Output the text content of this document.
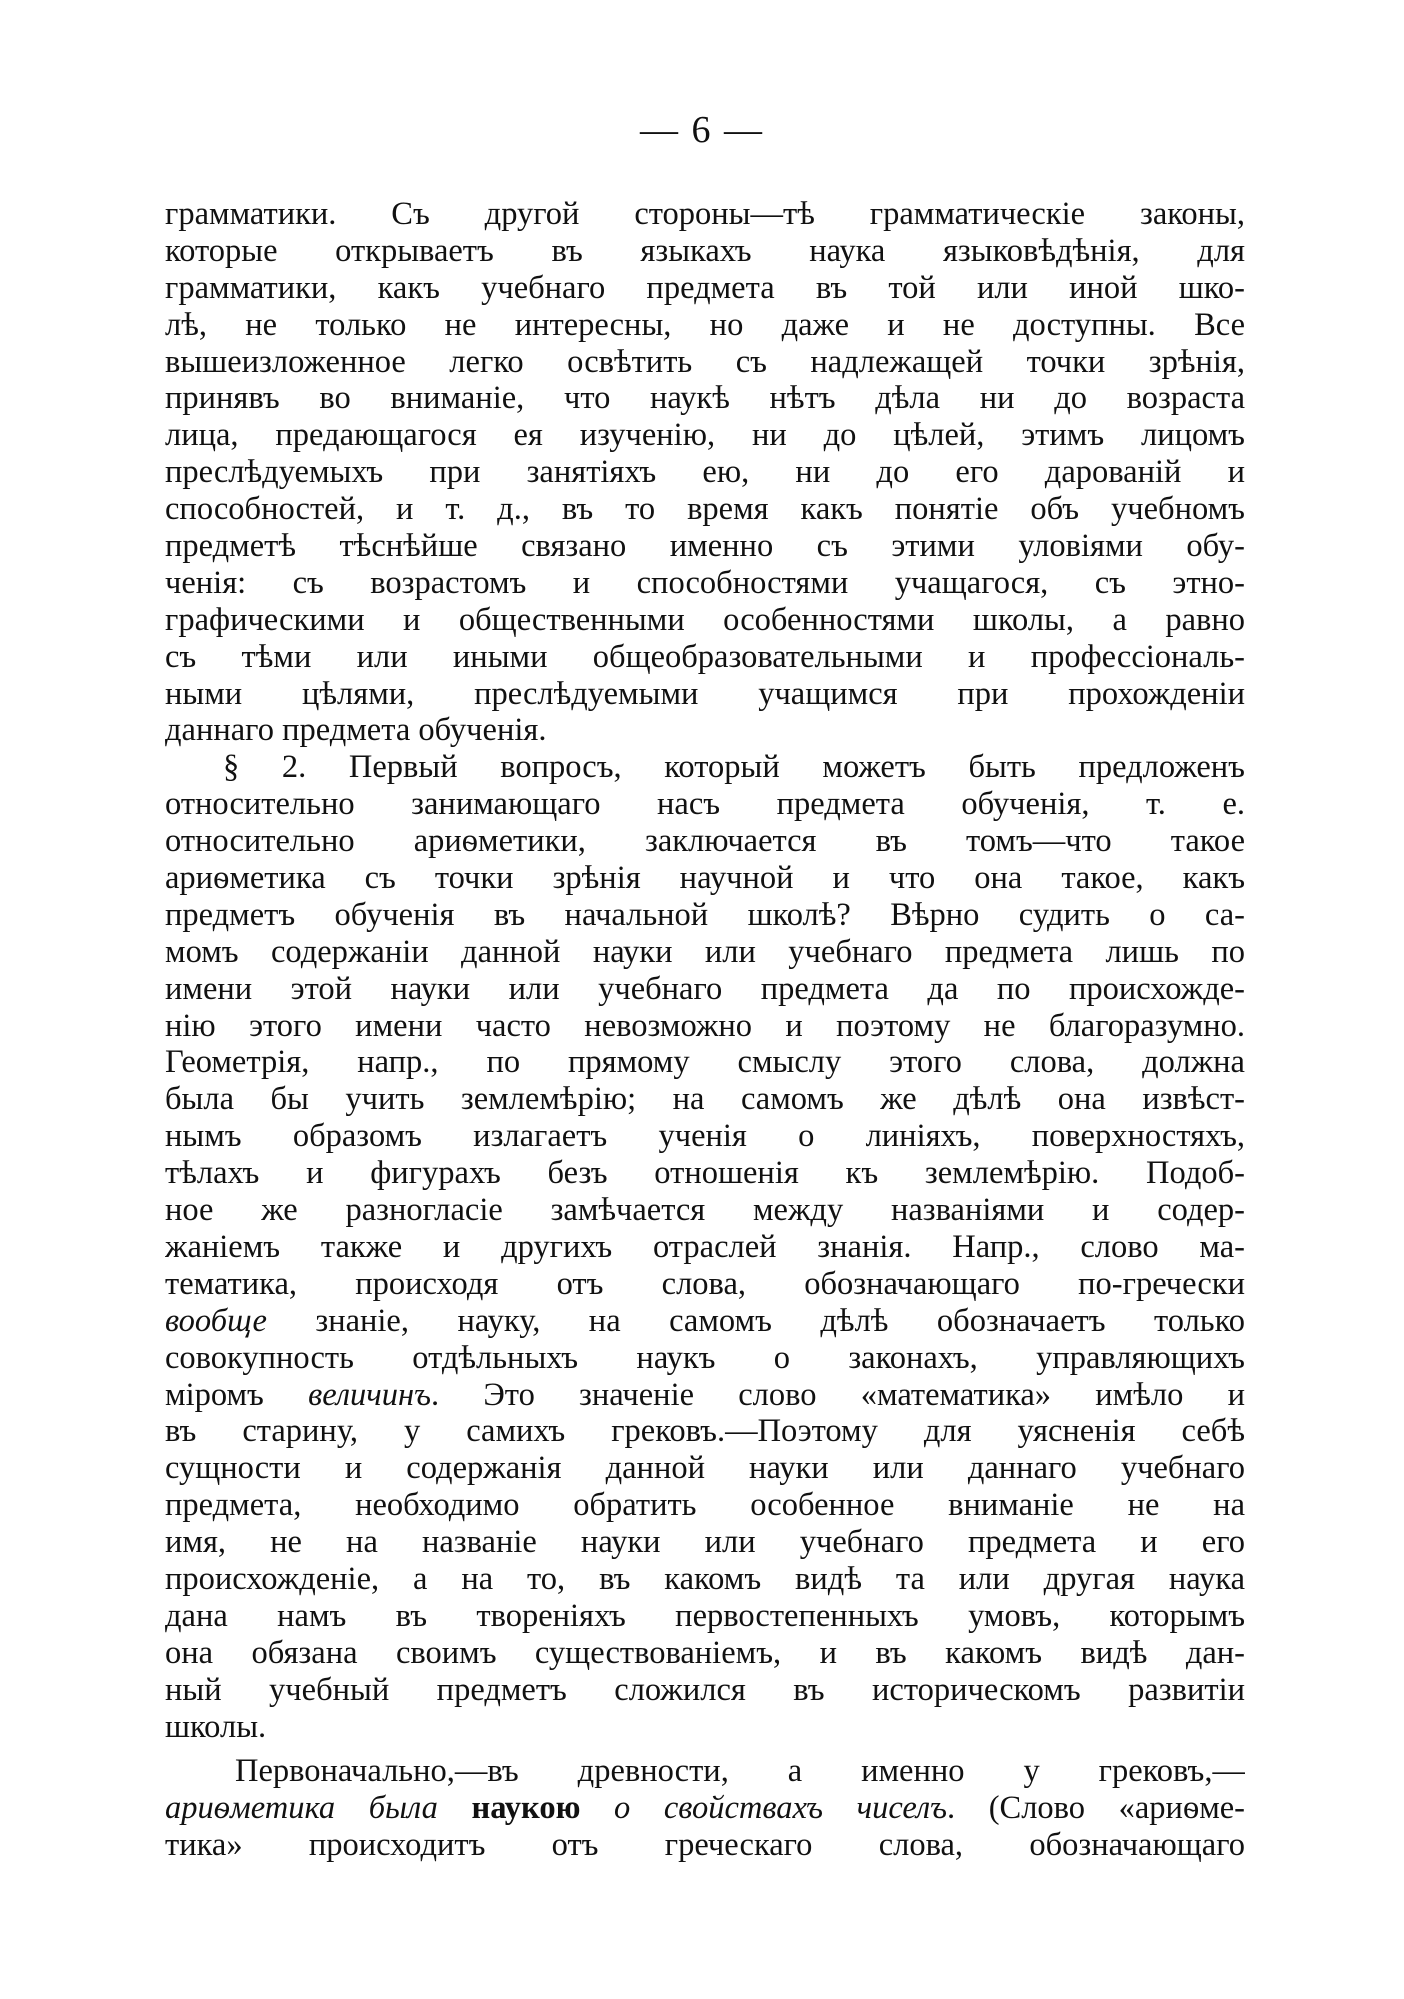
— 6 —
грамматики. Съ другой стороны—тѣ грамматическіе законы,
которые открываетъ въ языкахъ наука языковѣдѣнія, для
грамматики, какъ учебнаго предмета въ той или иной шко-
лѣ, не только не интересны, но даже и не доступны. Все
вышеизложенное легко освѣтить съ надлежащей точки зрѣнія,
принявъ во вниманіе, что наукѣ нѣтъ дѣла ни до возраста
лица, предающагося ея изученію, ни до цѣлей, этимъ лицомъ
преслѣдуемыхъ при занятіяхъ ею, ни до его дарованій и
способностей, и т. д., въ то время какъ понятіе объ учебномъ
предметѣ тѣснѣйше связано именно съ этими уловіями обу-
ченія: съ возрастомъ и способностями учащагося, съ этно-
графическими и общественными особенностями школы, а равно
съ тѣми или иными общеобразовательными и профессіональ-
ными цѣлями, преслѣдуемыми учащимся при прохожденіи
даннаго предмета обученія.
§ 2. Первый вопросъ, который можетъ быть предложенъ
относительно занимающаго насъ предмета обученія, т. е.
относительно ариѳметики, заключается въ томъ—что такое
ариѳметика съ точки зрѣнія научной и что она такое, какъ
предметъ обученія въ начальной школѣ? Вѣрно судить о са-
момъ содержаніи данной науки или учебнаго предмета лишь по
имени этой науки или учебнаго предмета да по происхожде-
нію этого имени часто невозможно и поэтому не благоразумно.
Геометрія, напр., по прямому смыслу этого слова, должна
была бы учить землемѣрію; на самомъ же дѣлѣ она извѣст-
нымъ образомъ излагаетъ ученія о линіяхъ, поверхностяхъ,
тѣлахъ и фигурахъ безъ отношенія къ землемѣрію. Подоб-
ное же разногласіе замѣчается между названіями и содер-
жаніемъ также и другихъ отраслей знанія. Напр., слово ма-
тематика, происходя отъ слова, обозначающаго по-гречески
вообще знаніе, науку, на самомъ дѣлѣ обозначаетъ только
совокупность отдѣльныхъ наукъ о законахъ, управляющихъ
міромъ величинъ. Это значеніе слово «математика» имѣло и
въ старину, у самихъ грековъ.—Поэтому для уясненія себѣ
сущности и содержанія данной науки или даннаго учебнаго
предмета, необходимо обратить особенное вниманіе не на
имя, не на названіе науки или учебнаго предмета и его
происхожденіе, а на то, въ какомъ видѣ та или другая наука
дана намъ въ твореніяхъ первостепенныхъ умовъ, которымъ
она обязана своимъ существованіемъ, и въ какомъ видѣ дан-
ный учебный предметъ сложился въ историческомъ развитіи
школы.
Первоначально,—въ древности, а именно у грековъ,—
ариѳметика была наукою о свойствахъ чиселъ. (Слово «ариѳме-
тика» происходитъ отъ греческаго слова, обозначающаго
